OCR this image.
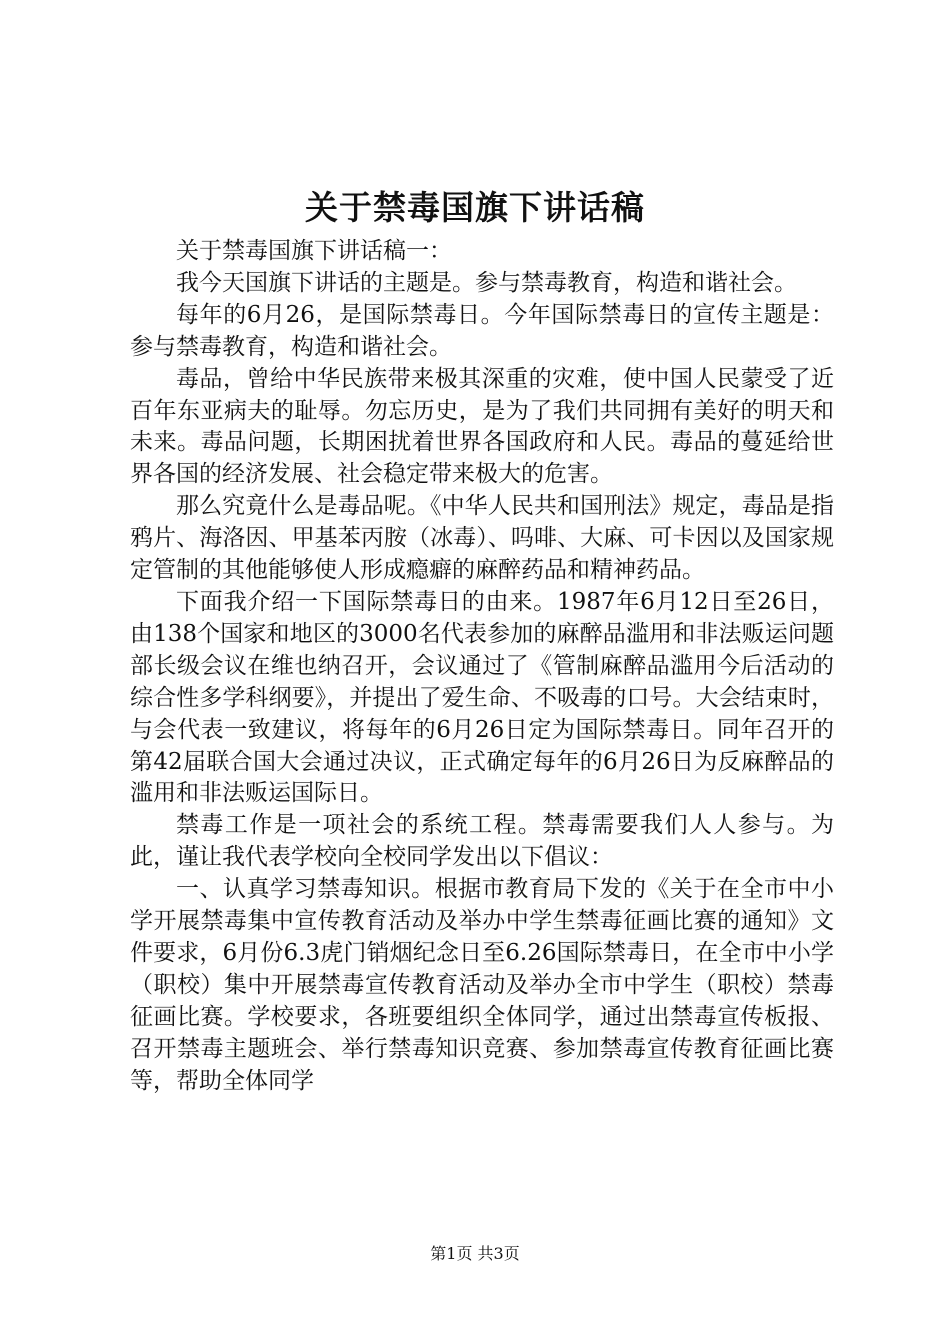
关于禁毒国旗下讲话稿

关于禁毒国旗下讲话稿一：

我今天国旗下讲话的主题是。参与禁毒教育，构造和谐社会。

每年的6月26，是国际禁毒日。今年国际禁毒日的宣传主题是：参与禁毒教育，构造和谐社会。

毒品，曾给中华民族带来极其深重的灾难，使中国人民蒙受了近百年东亚病夫的耻辱。勿忘历史，是为了我们共同拥有美好的明天和未来。毒品问题，长期困扰着世界各国政府和人民。毒品的蔓延给世界各国的经济发展、社会稳定带来极大的危害。

那么究竟什么是毒品呢。《中华人民共和国刑法》规定，毒品是指鸦片、海洛因、甲基苯丙胺（冰毒）、吗啡、大麻、可卡因以及国家规定管制的其他能够使人形成瘾癖的麻醉药品和精神药品。

下面我介绍一下国际禁毒日的由来。1987年6月12日至26日，由138个国家和地区的3000名代表参加的麻醉品滥用和非法贩运问题部长级会议在维也纳召开，会议通过了《管制麻醉品滥用今后活动的综合性多学科纲要》，并提出了爱生命、不吸毒的口号。大会结束时，与会代表一致建议，将每年的6月26日定为国际禁毒日。同年召开的第42届联合国大会通过决议，正式确定每年的6月26日为反麻醉品的滥用和非法贩运国际日。

禁毒工作是一项社会的系统工程。禁毒需要我们人人参与。为此，谨让我代表学校向全校同学发出以下倡议：

一、认真学习禁毒知识。根据市教育局下发的《关于在全市中小学开展禁毒集中宣传教育活动及举办中学生禁毒征画比赛的通知》文件要求，6月份6.3虎门销烟纪念日至6.26国际禁毒日，在全市中小学（职校）集中开展禁毒宣传教育活动及举办全市中学生（职校）禁毒征画比赛。学校要求，各班要组织全体同学，通过出禁毒宣传板报、召开禁毒主题班会、举行禁毒知识竞赛、参加禁毒宣传教育征画比赛等，帮助全体同学

第1页 共3页
